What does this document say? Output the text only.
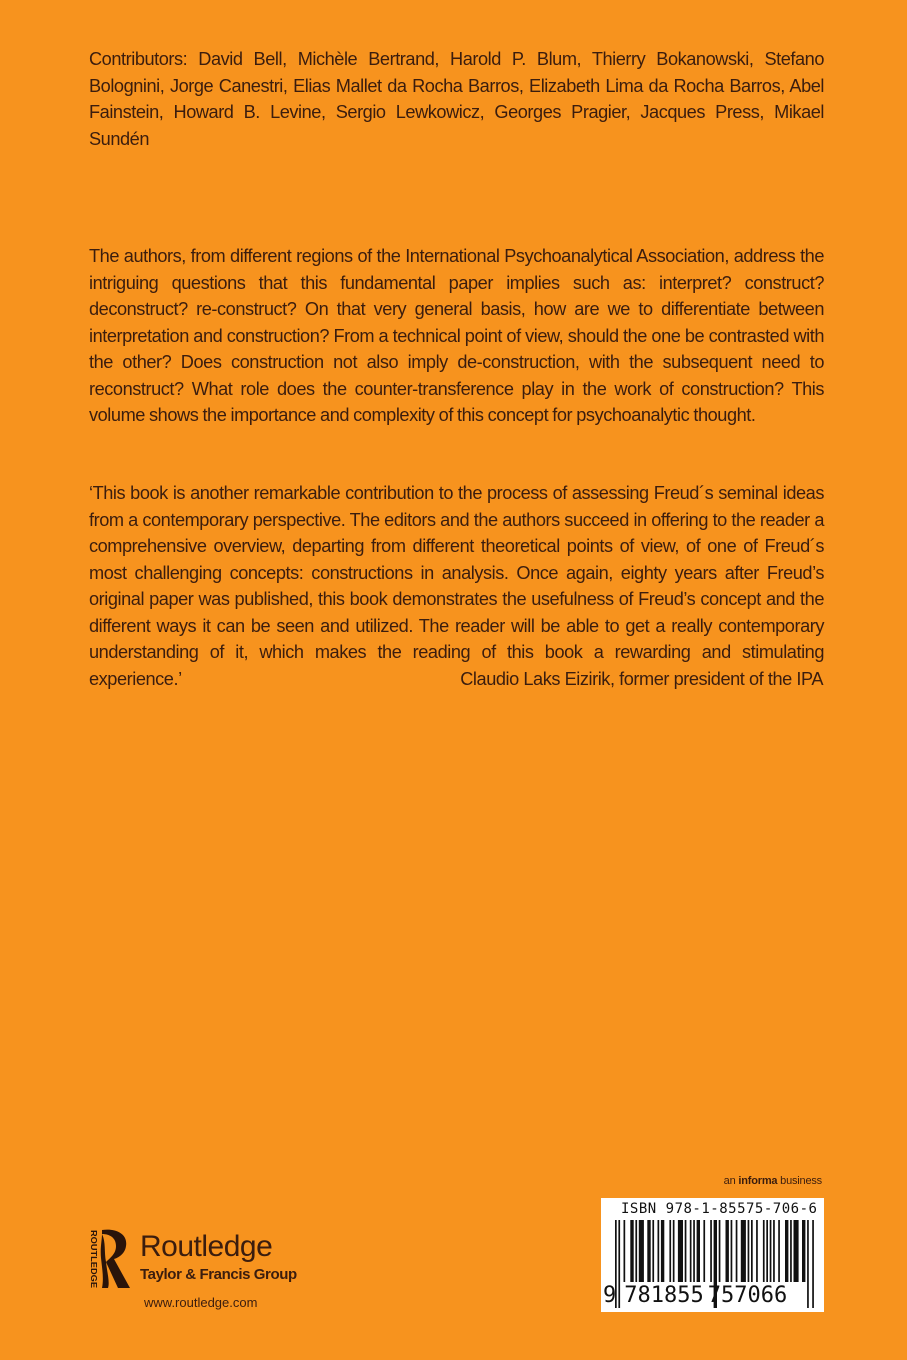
Contributors: David Bell, Michèle Bertrand, Harold P. Blum, Thierry Bokanowski, Stefano Bolognini, Jorge Canestri, Elias Mallet da Rocha Barros, Elizabeth Lima da Rocha Barros, Abel Fainstein, Howard B. Levine, Sergio Lewkowicz, Georges Pragier, Jacques Press, Mikael Sundén
The authors, from different regions of the International Psychoanalytical Association, address the intriguing questions that this fundamental paper implies such as: interpret? construct? deconstruct? re-construct? On that very general basis, how are we to differentiate between interpretation and construction? From a technical point of view, should the one be contrasted with the other? Does construction not also imply de-construction, with the subsequent need to reconstruct? What role does the counter-transference play in the work of construction? This volume shows the importance and complexity of this concept for psychoanalytic thought.
‘This book is another remarkable contribution to the process of assessing Freud´s seminal ideas from a contemporary perspective. The editors and the authors succeed in offering to the reader a comprehensive overview, departing from different theoretical points of view, of one of Freud´s most challenging concepts: constructions in analysis. Once again, eighty years after Freud’s original paper was published, this book demonstrates the usefulness of Freud’s concept and the different ways it can be seen and utilized. The reader will be able to get a really contemporary understanding of it, which makes the reading of this book a rewarding and stimulating experience.’	Claudio Laks Eizirik, former president of the IPA
ROUTLEDGE Routledge
Taylor & Francis Group
www.routledge.com
an informa business
ISBN 978-1-85575-706-6
9 781855 757066
